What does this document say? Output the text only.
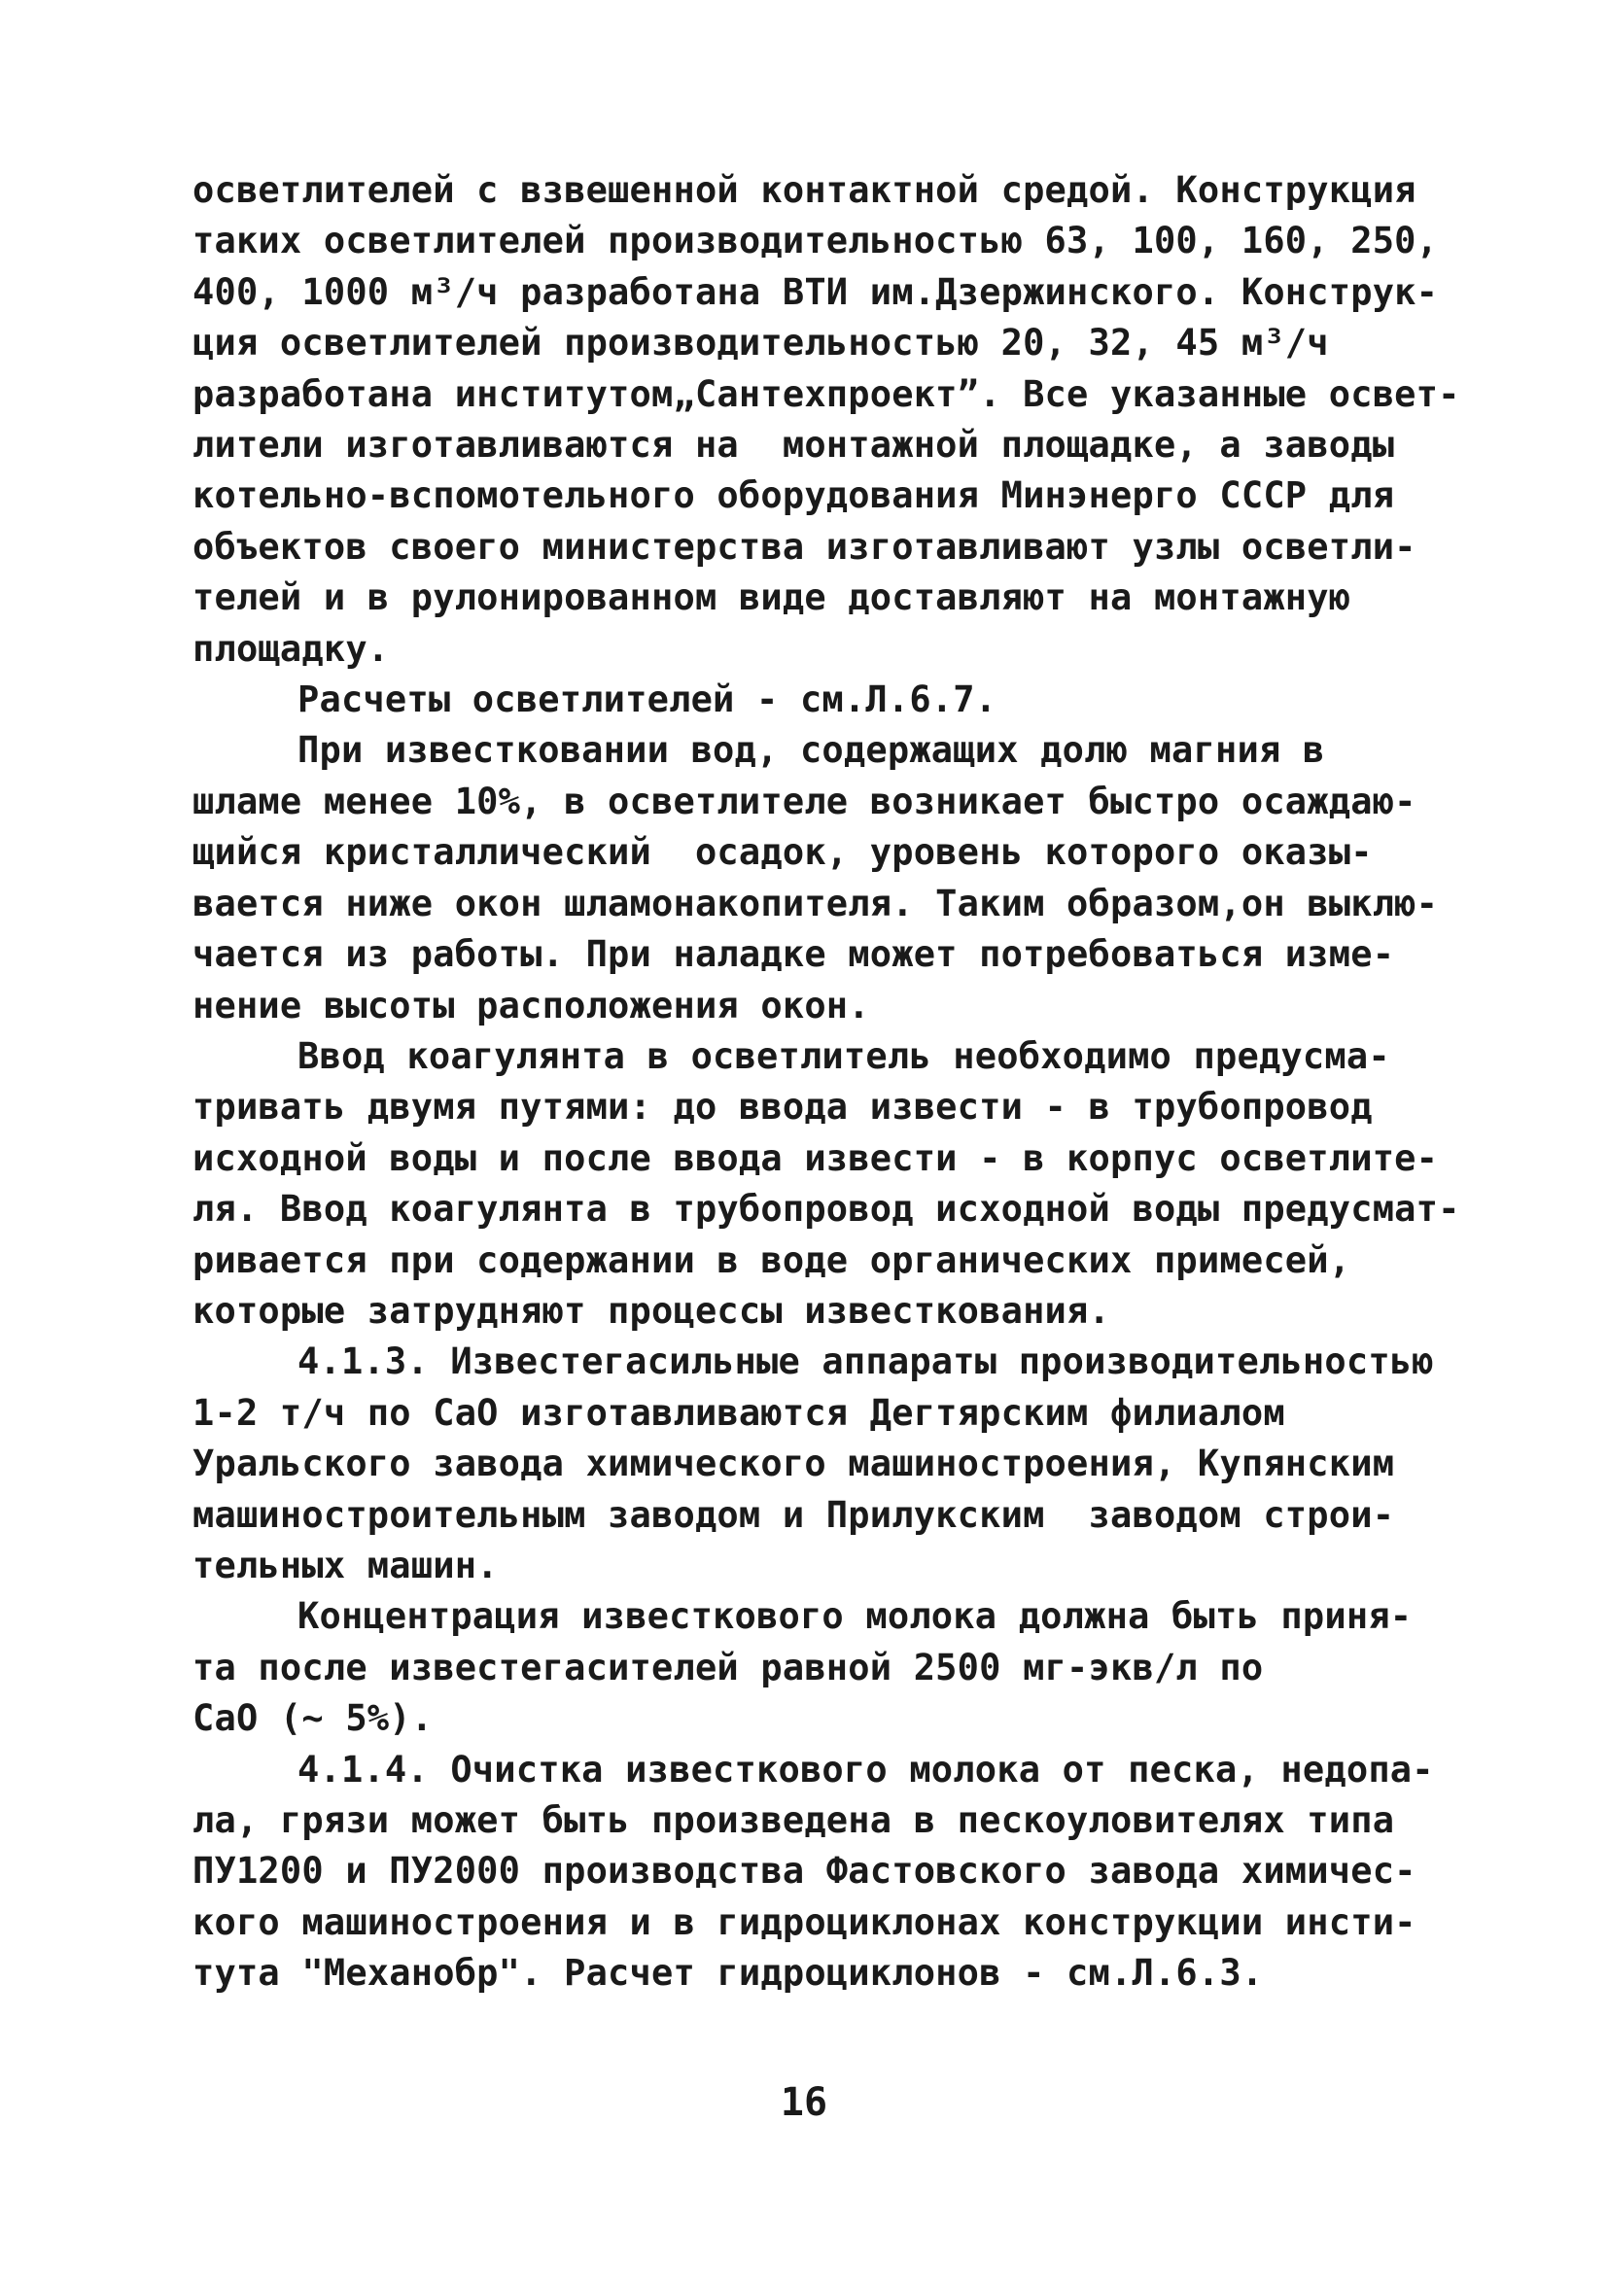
осветлителей с взвешенной контактной средой. Конструкция
таких осветлителей производительностью 63, 100, 160, 250,
400, 1000 м³/ч разработана ВТИ им.Дзержинского. Конструк-
ция осветлителей производительностью 20, 32, 45 м³/ч
разработана институтом„Сантехпроект”. Все указанные освет-
лители изготавливаются на  монтажной площадке, а заводы
котельно-вспомотельного оборудования Минэнерго СССР для
объектов своего министерства изготавливают узлы осветли-
телей и в рулонированном виде доставляют на монтажную
площадку.
Расчеты осветлителей - см.Л.6.7.
При известковании вод, содержащих долю магния в
шламе менее 10%, в осветлителе возникает быстро осаждаю-
щийся кристаллический  осадок, уровень которого оказы-
вается ниже окон шламонакопителя. Таким образом,он выклю-
чается из работы. При наладке может потребоваться изме-
нение высоты расположения окон.
Ввод коагулянта в осветлитель необходимо предусма-
тривать двумя путями: до ввода извести - в трубопровод
исходной воды и после ввода извести - в корпус осветлите-
ля. Ввод коагулянта в трубопровод исходной воды предусмат-
ривается при содержании в воде органических примесей,
которые затрудняют процессы известкования.
4.1.3. Известегасильные аппараты производительностью
1-2 т/ч по СаО изготавливаются Дегтярским филиалом
Уральского завода химического машиностроения, Купянским
машиностроительным заводом и Прилукским  заводом строи-
тельных машин.
Концентрация известкового молока должна быть приня-
та после известегасителей равной 2500 мг-экв/л по
СаО (~ 5%).
4.1.4. Очистка известкового молока от песка, недопа-
ла, грязи может быть произведена в пескоуловителях типа
ПУ1200 и ПУ2000 производства Фастовского завода химичес-
кого машиностроения и в гидроциклонах конструкции инсти-
тута "Механобр". Расчет гидроциклонов - см.Л.6.3.
16
